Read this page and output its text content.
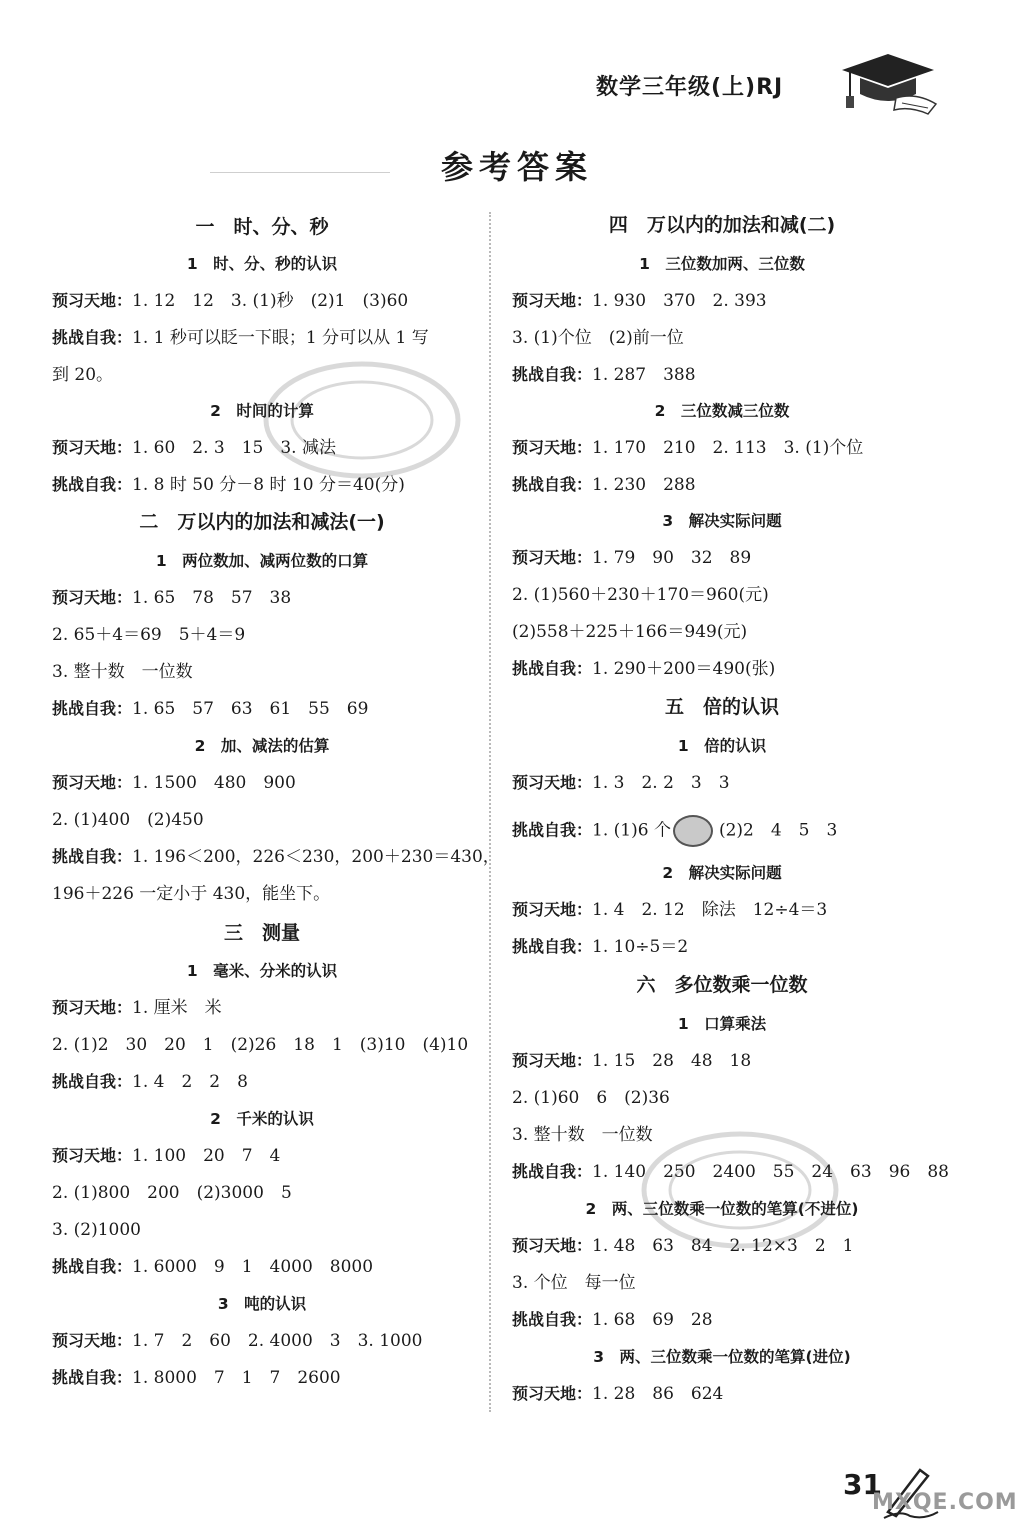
数学三年级(上)RJ
参考答案
一　时、分、秒
1　时、分、秒的认识
预习天地：1. 12　12　3. (1)秒　(2)1　(3)60
挑战自我：1. 1 秒可以眨一下眼；1 分可以从 1 写
到 20。
2　时间的计算
预习天地：1. 60　2. 3　15　3. 减法
挑战自我：1. 8 时 50 分－8 时 10 分＝40(分)
二　万以内的加法和减法(一)
1　两位数加、减两位数的口算
预习天地：1. 65　78　57　38
2. 65＋4＝69　5＋4＝9
3. 整十数　一位数
挑战自我：1. 65　57　63　61　55　69
2　加、减法的估算
预习天地：1. 1500　480　900
2. (1)400　(2)450
挑战自我：1. 196＜200，226＜230，200＋230＝430，
196＋226 一定小于 430，能坐下。
三　测量
1　毫米、分米的认识
预习天地：1. 厘米　米
2. (1)2　30　20　1　(2)26　18　1　(3)10　(4)10
挑战自我：1. 4　2　2　8
2　千米的认识
预习天地：1. 100　20　7　4
2. (1)800　200　(2)3000　5
3. (2)1000
挑战自我：1. 6000　9　1　4000　8000
3　吨的认识
预习天地：1. 7　2　60　2. 4000　3　3. 1000
挑战自我：1. 8000　7　1　7　2600
四　万以内的加法和减(二)
1　三位数加两、三位数
预习天地：1. 930　370　2. 393
3. (1)个位　(2)前一位
挑战自我：1. 287　388
2　三位数减三位数
预习天地：1. 170　210　2. 113　3. (1)个位
挑战自我：1. 230　288
3　解决实际问题
预习天地：1. 79　90　32　89
2. (1)560＋230＋170＝960(元)
(2)558＋225＋166＝949(元)
挑战自我：1. 290＋200＝490(张)
五　倍的认识
1　倍的认识
预习天地：1. 3　2. 2　3　3
挑战自我：1. (1)6 个	(2)2　4　5　3
2　解决实际问题
预习天地：1. 4　2. 12　除法　12÷4＝3
挑战自我：1. 10÷5＝2
六　多位数乘一位数
1　口算乘法
预习天地：1. 15　28　48　18
2. (1)60　6　(2)36
3. 整十数　一位数
挑战自我：1. 140　250　2400　55　24　63　96　88
2　两、三位数乘一位数的笔算(不进位)
预习天地：1. 48　63　84　2. 12×3　2　1
3. 个位　每一位
挑战自我：1. 68　69　28
3　两、三位数乘一位数的笔算(进位)
预习天地：1. 28　86　624
31
MXQE.COM
